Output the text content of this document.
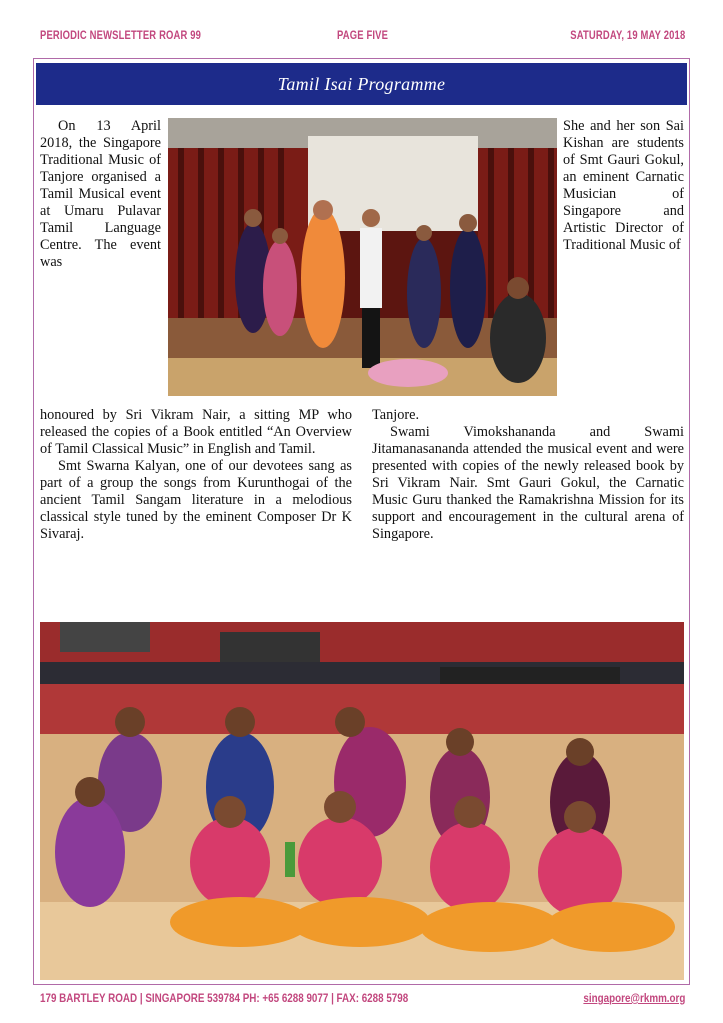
PERIODIC NEWSLETTER ROAR 99	PAGE FIVE	SATURDAY, 19 MAY 2018
Tamil Isai Programme

On 13 April 2018, the Singapore Traditional Music of Tanjore organised a Tamil Musical event at Umaru Pulavar Tamil Language Centre. The event was

She and her son Sai Kishan are students of Smt Gauri Gokul, an eminent Carnatic Musician of Singapore and Artistic Director of Traditional Music of

honoured by Sri Vikram Nair, a sitting MP who released the copies of a Book entitled “An Overview of Tamil Classical Music” in English and Tamil.

Smt Swarna Kalyan, one of our devotees sang as part of a group the songs from Kurunthogai of the ancient Tamil Sangam literature in a melodious classical style tuned by the eminent Composer Dr K Sivaraj.

Tanjore.

Swami Vimokshananda and Swami Jitamanasananda attended the musical event and were presented with copies of the newly released book by Sri Vikram Nair. Smt Gauri Gokul, the Carnatic Music Guru thanked the Ramakrishna Mission for its support and encouragement in the cultural arena of Singapore.

179 BARTLEY ROAD | SINGAPORE 539784 PH: +65 6288 9077 | FAX: 6288 5798	singapore@rkmm.org
